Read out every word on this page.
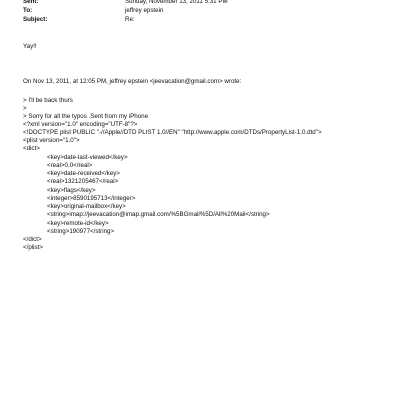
Sent:	Sunday, November 13, 2011 5:31 PM
To:	jeffrey epstein
Subject:	Re:
Yay!!
On Nov 13, 2011, at 12:05 PM, jeffrey epstein <jeevacation@gmail.com> wrote:
> I'll be back thurs
>
> Sorry for all the typos .Sent from my iPhone
<?xml version="1.0" encoding="UTF-8"?>
<!DOCTYPE plist PUBLIC "-//Apple//DTD PLIST 1.0//EN" "http://www.apple.com/DTDs/PropertyList-1.0.dtd">
<plist version="1.0">
<dict>
<key>date-last-viewed</key>
<real>0.0</real>
<key>date-received</key>
<real>1321205467</real>
<key>flags</key>
<integer>8590195713</integer>
<key>original-mailbox</key>
<string>imap://jeevacation@imap.gmail.com/%5BGmail%5D/All%20Mail</string>
<key>remote-id</key>
<string>190977</string>
</dict>
</plist>
